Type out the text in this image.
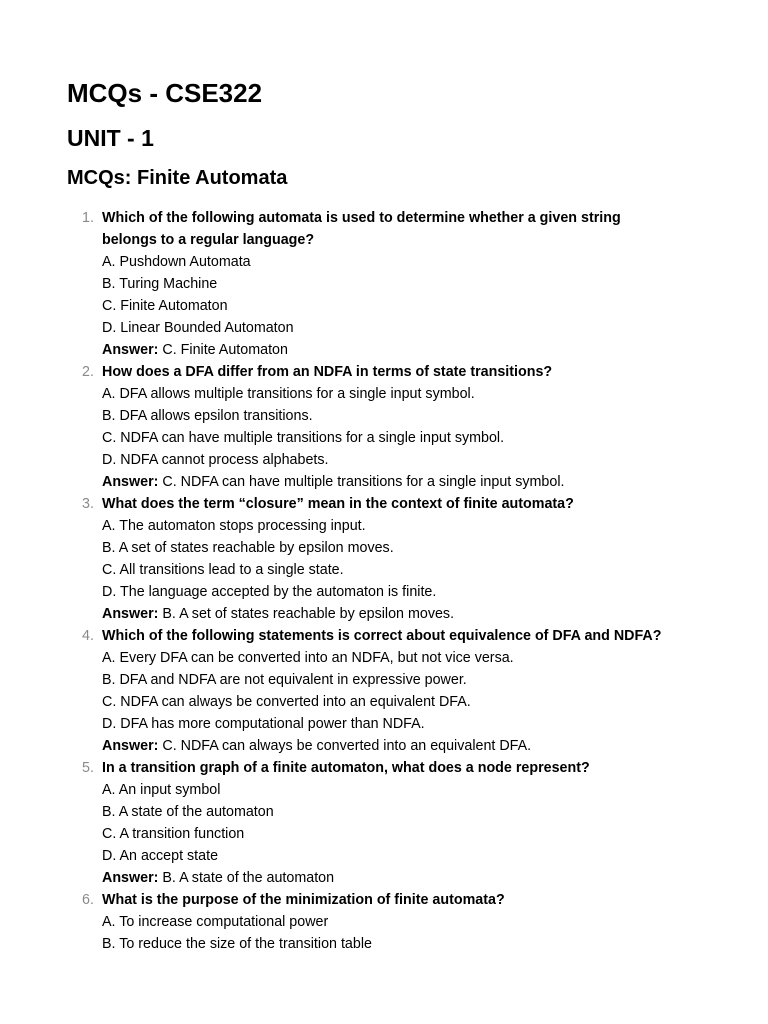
MCQs - CSE322
UNIT - 1
MCQs: Finite Automata
1. Which of the following automata is used to determine whether a given string belongs to a regular language?
A. Pushdown Automata
B. Turing Machine
C. Finite Automaton
D. Linear Bounded Automaton
Answer: C. Finite Automaton
2. How does a DFA differ from an NDFA in terms of state transitions?
A. DFA allows multiple transitions for a single input symbol.
B. DFA allows epsilon transitions.
C. NDFA can have multiple transitions for a single input symbol.
D. NDFA cannot process alphabets.
Answer: C. NDFA can have multiple transitions for a single input symbol.
3. What does the term “closure” mean in the context of finite automata?
A. The automaton stops processing input.
B. A set of states reachable by epsilon moves.
C. All transitions lead to a single state.
D. The language accepted by the automaton is finite.
Answer: B. A set of states reachable by epsilon moves.
4. Which of the following statements is correct about equivalence of DFA and NDFA?
A. Every DFA can be converted into an NDFA, but not vice versa.
B. DFA and NDFA are not equivalent in expressive power.
C. NDFA can always be converted into an equivalent DFA.
D. DFA has more computational power than NDFA.
Answer: C. NDFA can always be converted into an equivalent DFA.
5. In a transition graph of a finite automaton, what does a node represent?
A. An input symbol
B. A state of the automaton
C. A transition function
D. An accept state
Answer: B. A state of the automaton
6. What is the purpose of the minimization of finite automata?
A. To increase computational power
B. To reduce the size of the transition table
